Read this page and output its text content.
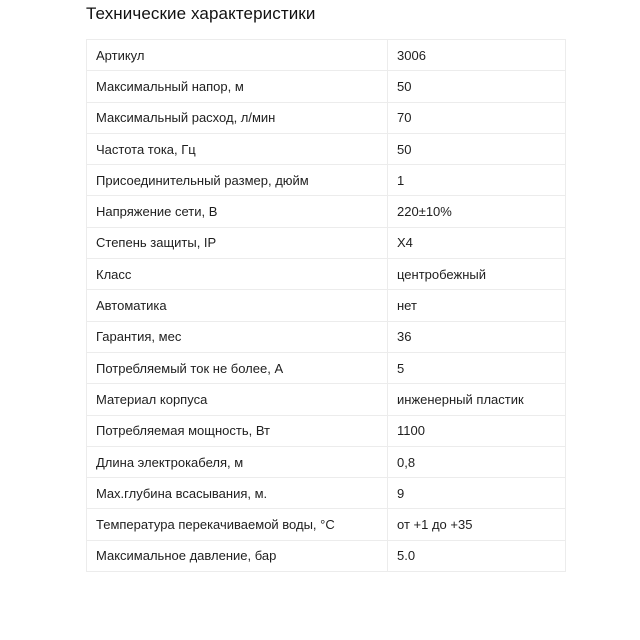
Технические характеристики
Артикул	3006
Максимальный напор, м	50
Максимальный расход, л/мин	70
Частота тока, Гц	50
Присоединительный размер, дюйм	1
Напряжение сети, В	220±10%
Степень защиты, IP	X4
Класс	центробежный
Автоматика	нет
Гарантия, мес	36
Потребляемый ток не более, А	5
Материал корпуса	инженерный пластик
Потребляемая мощность, Вт	1100
Длина электрокабеля, м	0,8
Max.глубина всасывания, м.	9
Температура перекачиваемой воды, °С	от +1 до +35
Максимальное давление, бар	5.0
